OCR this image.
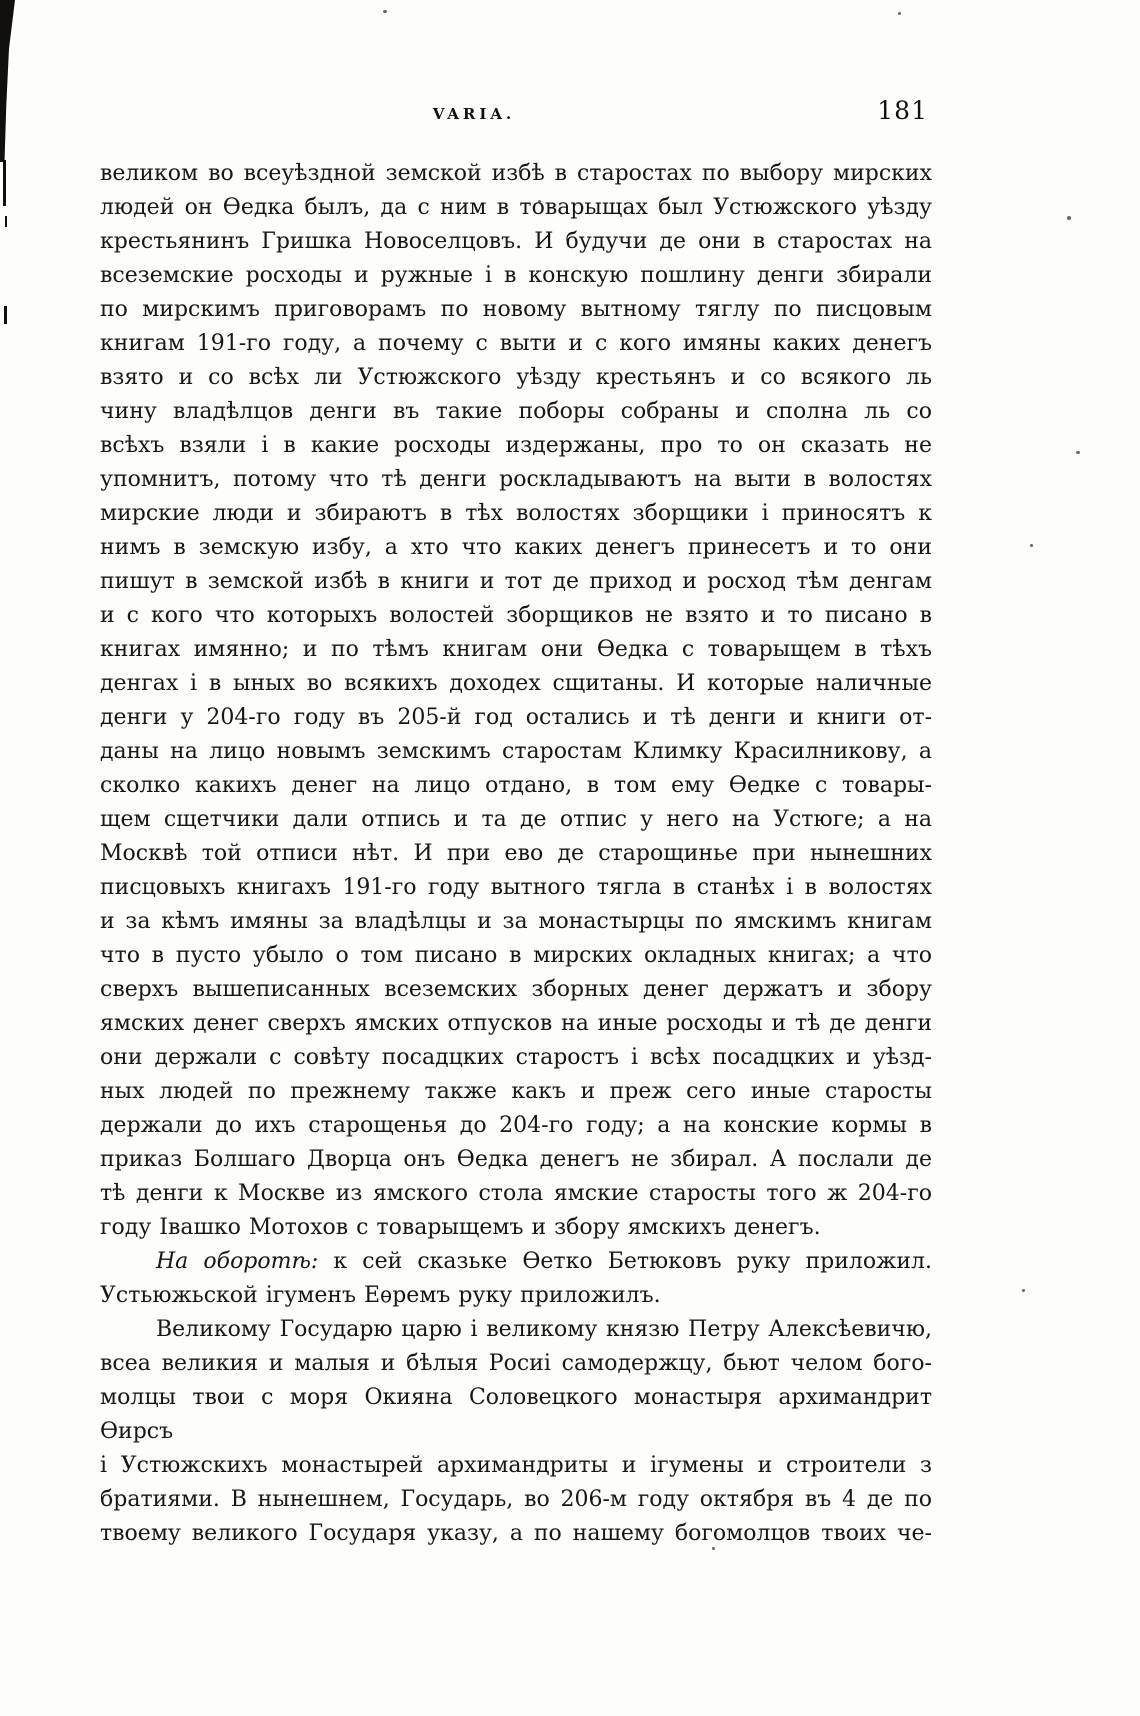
VARIA.	181
великом во всеуѣздной земской избѣ в старостах по выбору мирских
людей он Ѳедка былъ, да с ним в товарыщах был Устюжского уѣзду
крестьянинъ Гришка Новоселцовъ. И будучи де они в старостах на
всеземские росходы и ружные і в конскую пошлину денги збирали
по мирскимъ приговорамъ по новому вытному тяглу по писцовым
книгам 191-го году, а почему с выти и с кого имяны каких денегъ
взято и со всѣх ли Устюжского уѣзду крестьянъ и со всякого ль
чину владѣлцов денги въ такие поборы собраны и сполна ль со
всѣхъ взяли і в какие росходы издержаны, про то он сказать не
упомнитъ, потому что тѣ денги роскладываютъ на выти в волостях
мирские люди и збираютъ в тѣх волостях зборщики і приносятъ к
нимъ в земскую избу, а хто что каких денегъ принесетъ и то они
пишут в земской избѣ в книги и тот де приход и росход тѣм денгам
и с кого что которыхъ волостей зборщиков не взято и то писано в
книгах имянно; и по тѣмъ книгам они Ѳедка с товарыщем в тѣхъ
денгах і в ыных во всякихъ доходех сщитаны. И которые наличные
денги у 204-го году въ 205-й год остались и тѣ денги и книги от-
даны на лицо новымъ земскимъ старостам Климку Красилникову, а
сколко какихъ денег на лицо отдано, в том ему Ѳедке с товары-
щем сщетчики дали отпись и та де отпис у него на Устюге; а на
Москвѣ той отписи нѣт. И при ево де старощинье при нынешних
писцовыхъ книгахъ 191-го году вытного тягла в станѣх і в волостях
и за кѣмъ имяны за владѣлцы и за монастырцы по ямскимъ книгам
что в пусто убыло о том писано в мирских окладных книгах; а что
сверхъ вышеписанных всеземских зборных денег держатъ и збору
ямских денег сверхъ ямских отпусков на иные росходы и тѣ де денги
они держали с совѣту посадцких старостъ і всѣх посадцких и уѣзд-
ных людей по прежнему также какъ и преж сего иные старосты
держали до ихъ старощенья до 204-го году; а на конские кормы в
приказ Болшаго Дворца онъ Ѳедка денегъ не збирал. А послали де
тѣ денги к Москве из ямского стола ямские старосты того ж 204-го
году Івашко Мотохов с товарыщемъ и збору ямскихъ денегъ.
На оборотѣ: к сей сказьке Ѳетко Бетюковъ руку приложил.
Устьюжьской ігуменъ Еѳремъ руку приложилъ.
Великому Государю царю і великому князю Петру Алексѣевичю,
всеа великия и малыя и бѣлыя Росиі самодержцу, бьют челом бого-
молцы твои с моря Окияна Соловецкого монастыря архимандрит Ѳирсъ
і Устюжскихъ монастырей архимандриты и ігумены и строители з
братиями. В нынешнем, Государь, во 206-м году октября въ 4 де по
твоему великого Государя указу, а по нашему богомолцов твоих че-
